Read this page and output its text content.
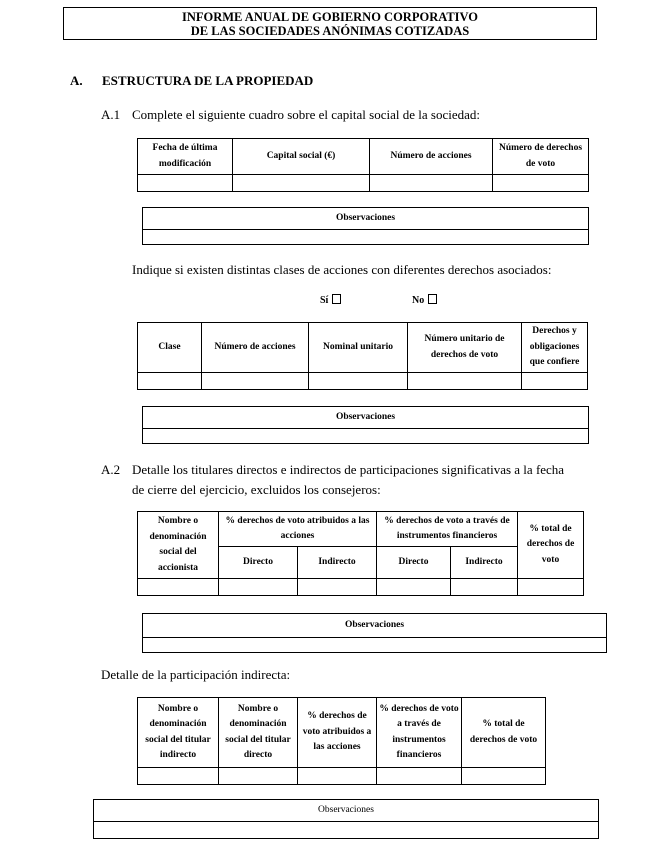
INFORME ANUAL DE GOBIERNO CORPORATIVO
DE LAS SOCIEDADES ANÓNIMAS COTIZADAS
A. ESTRUCTURA DE LA PROPIEDAD
A.1 Complete el siguiente cuadro sobre el capital social de la sociedad:
Fecha de última modificación	Capital social (€)	Número de acciones	Número de derechos de voto

Observaciones

Indique si existen distintas clases de acciones con diferentes derechos asociados:
Sí	No
Clase	Número de acciones	Nominal unitario	Número unitario de derechos de voto	Derechos y obligaciones que confiere

Observaciones

A.2 Detalle los titulares directos e indirectos de participaciones significativas a la fecha

de cierre del ejercicio, excluidos los consejeros:
Nombre o denominación social del accionista	% derechos de voto atribuidos a las acciones		% derechos de voto a través de instrumentos financieros		% total de derechos de voto
	Directo	Indirecto	Directo	Indirecto	

Observaciones

Detalle de la participación indirecta:
Nombre o denominación social del titular indirecto	Nombre o denominación social del titular directo	% derechos de voto atribuidos a las acciones	% derechos de voto a través de instrumentos financieros	% total de derechos de voto

Observaciones
